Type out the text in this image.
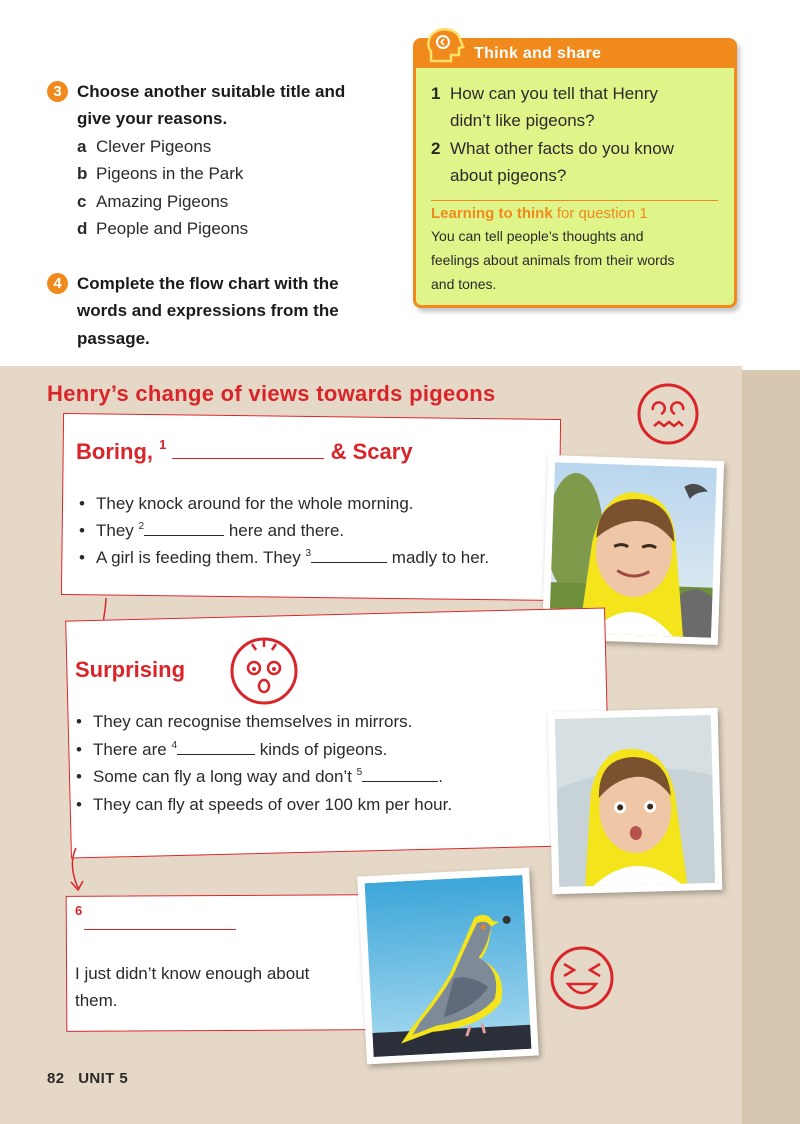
3 Choose another suitable title and
give your reasons.
a Clever Pigeons
b Pigeons in the Park
c Amazing Pigeons
d People and Pigeons
4 Complete the flow chart with the
words and expressions from the
passage.
Think and share
1 How can you tell that Henry
didn’t like pigeons?
2 What other facts do you know
about pigeons?
Learning to think for question 1
You can tell people’s thoughts and
feelings about animals from their words
and tones.
Henry’s change of views towards pigeons
Boring, $^1$	& Scary
• They knock around for the whole morning.
• They $^2$	here and there.
• A girl is feeding them. They $^3$	madly to her.
Surprising
• They can recognise themselves in mirrors.
• There are $^4$	kinds of pigeons.
• Some can fly a long way and don’t $^5$	.
• They can fly at speeds of over 100 km per hour.
6
I just didn’t know enough about
them.
82 UNIT 5
